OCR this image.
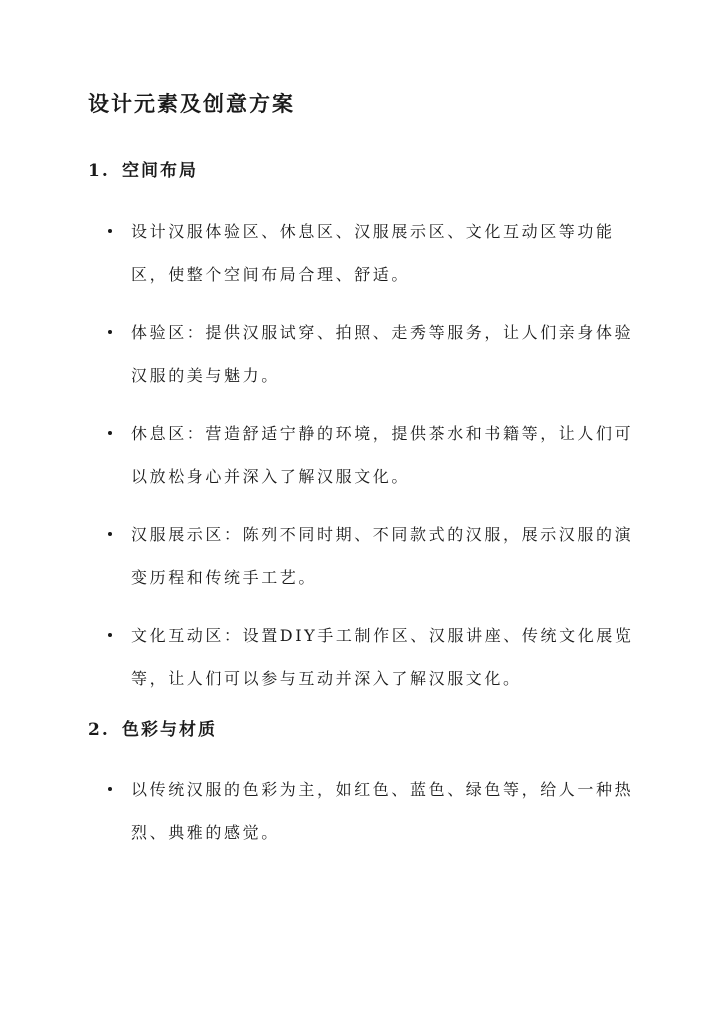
设计元素及创意方案
1. 空间布局
设计汉服体验区、休息区、汉服展示区、文化互动区等功能区，使整个空间布局合理、舒适。
体验区：提供汉服试穿、拍照、走秀等服务，让人们亲身体验汉服的美与魅力。
休息区：营造舒适宁静的环境，提供茶水和书籍等，让人们可以放松身心并深入了解汉服文化。
汉服展示区：陈列不同时期、不同款式的汉服，展示汉服的演变历程和传统手工艺。
文化互动区：设置DIY手工制作区、汉服讲座、传统文化展览等，让人们可以参与互动并深入了解汉服文化。
2. 色彩与材质
以传统汉服的色彩为主，如红色、蓝色、绿色等，给人一种热烈、典雅的感觉。
